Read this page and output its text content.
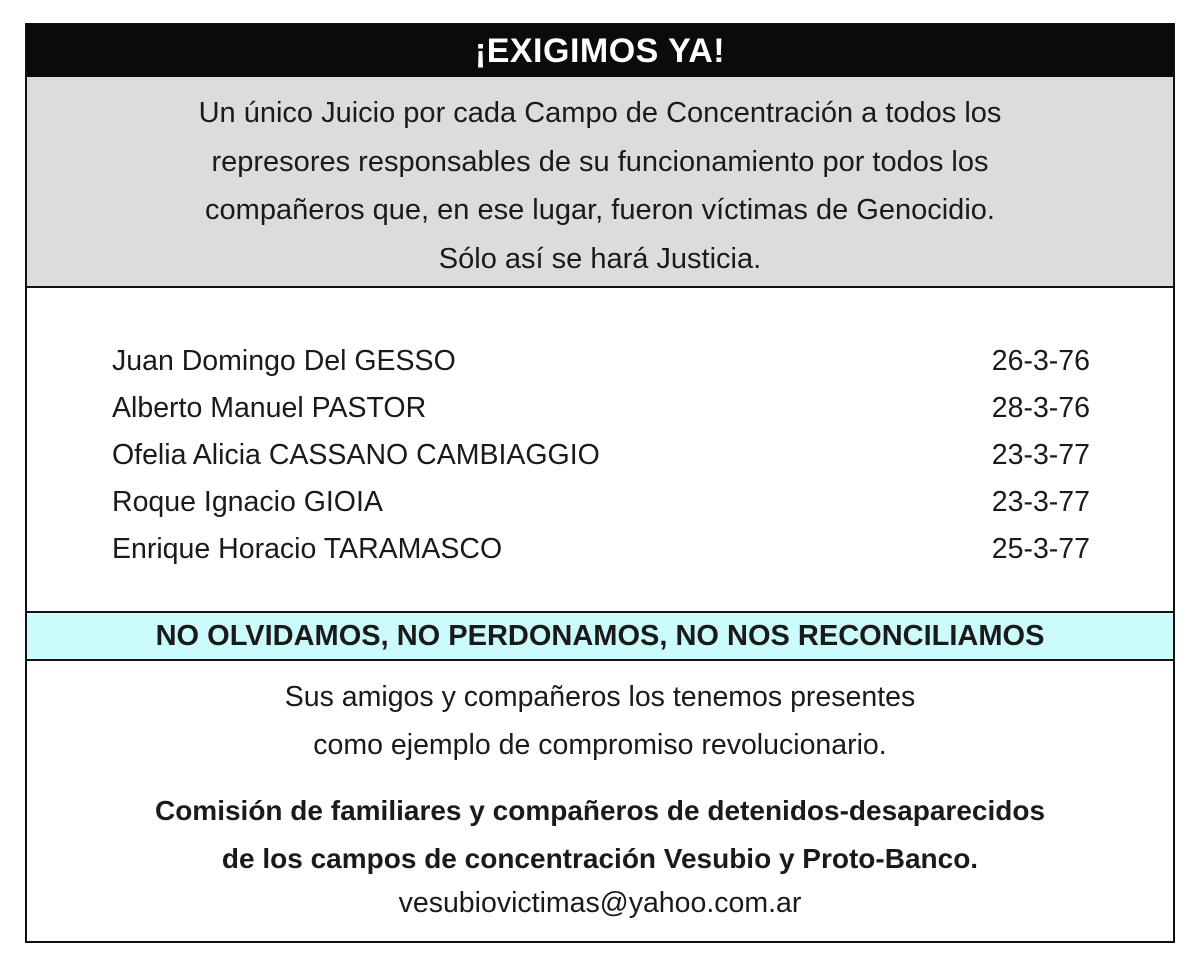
¡EXIGIMOS YA!

Un único Juicio por cada Campo de Concentración a todos los

represores responsables de su funcionamiento por todos los

compañeros que, en ese lugar, fueron víctimas de Genocidio.

Sólo así se hará Justicia.

Juan Domingo Del GESSO	26-3-76
Alberto Manuel PASTOR	28-3-76
Ofelia Alicia CASSANO CAMBIAGGIO	23-3-77
Roque Ignacio GIOIA	23-3-77
Enrique Horacio TARAMASCO	25-3-77
NO OLVIDAMOS, NO PERDONAMOS, NO NOS RECONCILIAMOS

Sus amigos y compañeros los tenemos presentes
como ejemplo de compromiso revolucionario.

Comisión de familiares y compañeros de detenidos-desaparecidos
de los campos de concentración Vesubio y Proto-Banco.

vesubiovictimas@yahoo.com.ar
